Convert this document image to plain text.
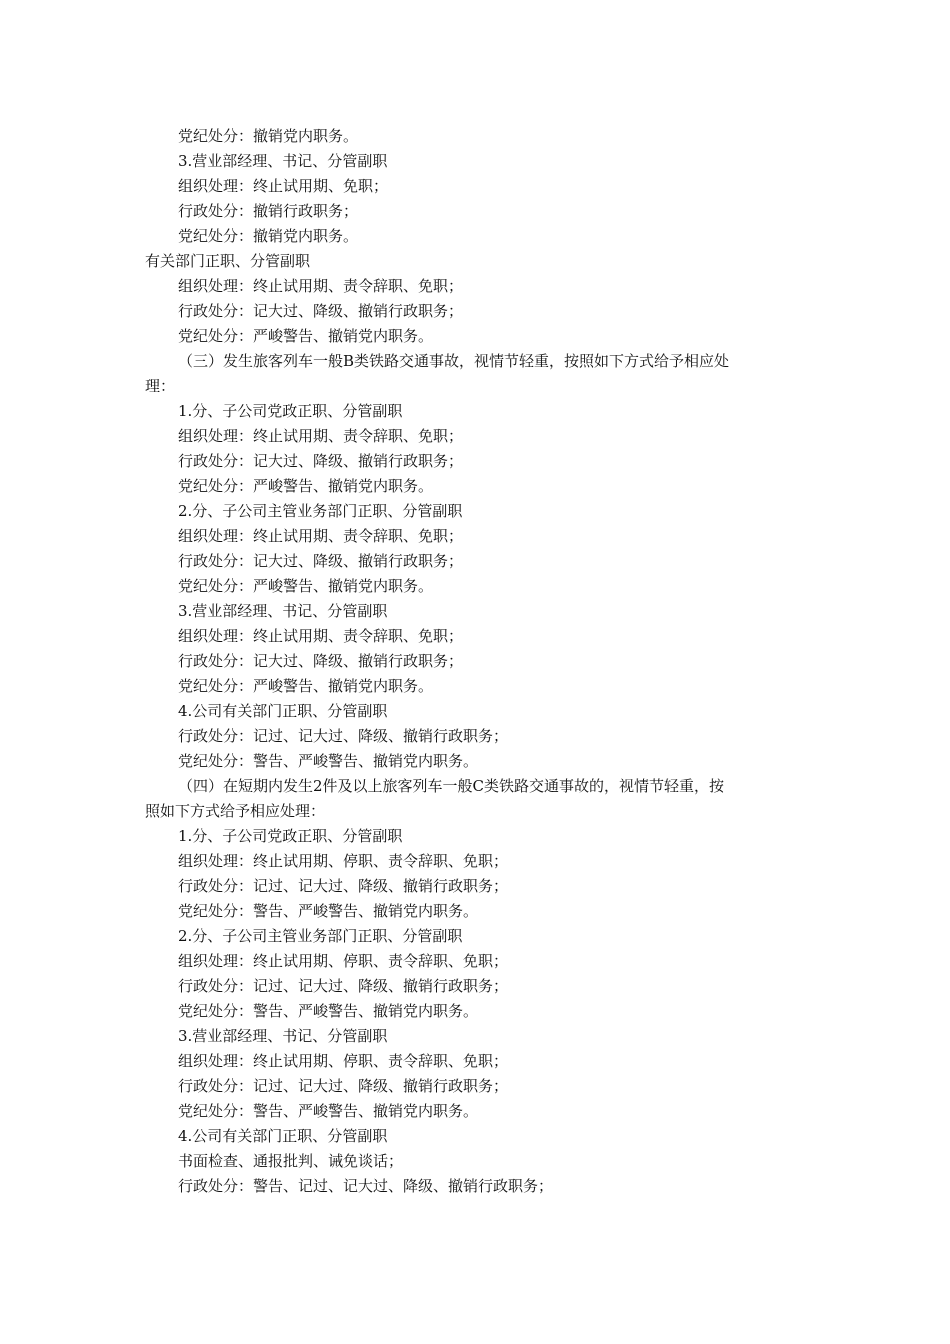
党纪处分：撤销党内职务。
3.营业部经理、书记、分管副职
组织处理：终止试用期、免职；
行政处分：撤销行政职务；
党纪处分：撤销党内职务。
有关部门正职、分管副职
组织处理：终止试用期、责令辞职、免职；
行政处分：记大过、降级、撤销行政职务；
党纪处分：严峻警告、撤销党内职务。
（三）发生旅客列车一般B类铁路交通事故，视情节轻重，按照如下方式给予相应处
理：
1.分、子公司党政正职、分管副职
组织处理：终止试用期、责令辞职、免职；
行政处分：记大过、降级、撤销行政职务；
党纪处分：严峻警告、撤销党内职务。
2.分、子公司主管业务部门正职、分管副职
组织处理：终止试用期、责令辞职、免职；
行政处分：记大过、降级、撤销行政职务；
党纪处分：严峻警告、撤销党内职务。
3.营业部经理、书记、分管副职
组织处理：终止试用期、责令辞职、免职；
行政处分：记大过、降级、撤销行政职务；
党纪处分：严峻警告、撤销党内职务。
4.公司有关部门正职、分管副职
行政处分：记过、记大过、降级、撤销行政职务；
党纪处分：警告、严峻警告、撤销党内职务。
（四）在短期内发生2件及以上旅客列车一般C类铁路交通事故的，视情节轻重，按
照如下方式给予相应处理：
1.分、子公司党政正职、分管副职
组织处理：终止试用期、停职、责令辞职、免职；
行政处分：记过、记大过、降级、撤销行政职务；
党纪处分：警告、严峻警告、撤销党内职务。
2.分、子公司主管业务部门正职、分管副职
组织处理：终止试用期、停职、责令辞职、免职；
行政处分：记过、记大过、降级、撤销行政职务；
党纪处分：警告、严峻警告、撤销党内职务。
3.营业部经理、书记、分管副职
组织处理：终止试用期、停职、责令辞职、免职；
行政处分：记过、记大过、降级、撤销行政职务；
党纪处分：警告、严峻警告、撤销党内职务。
4.公司有关部门正职、分管副职
书面检查、通报批判、诫免谈话；
行政处分：警告、记过、记大过、降级、撤销行政职务；
